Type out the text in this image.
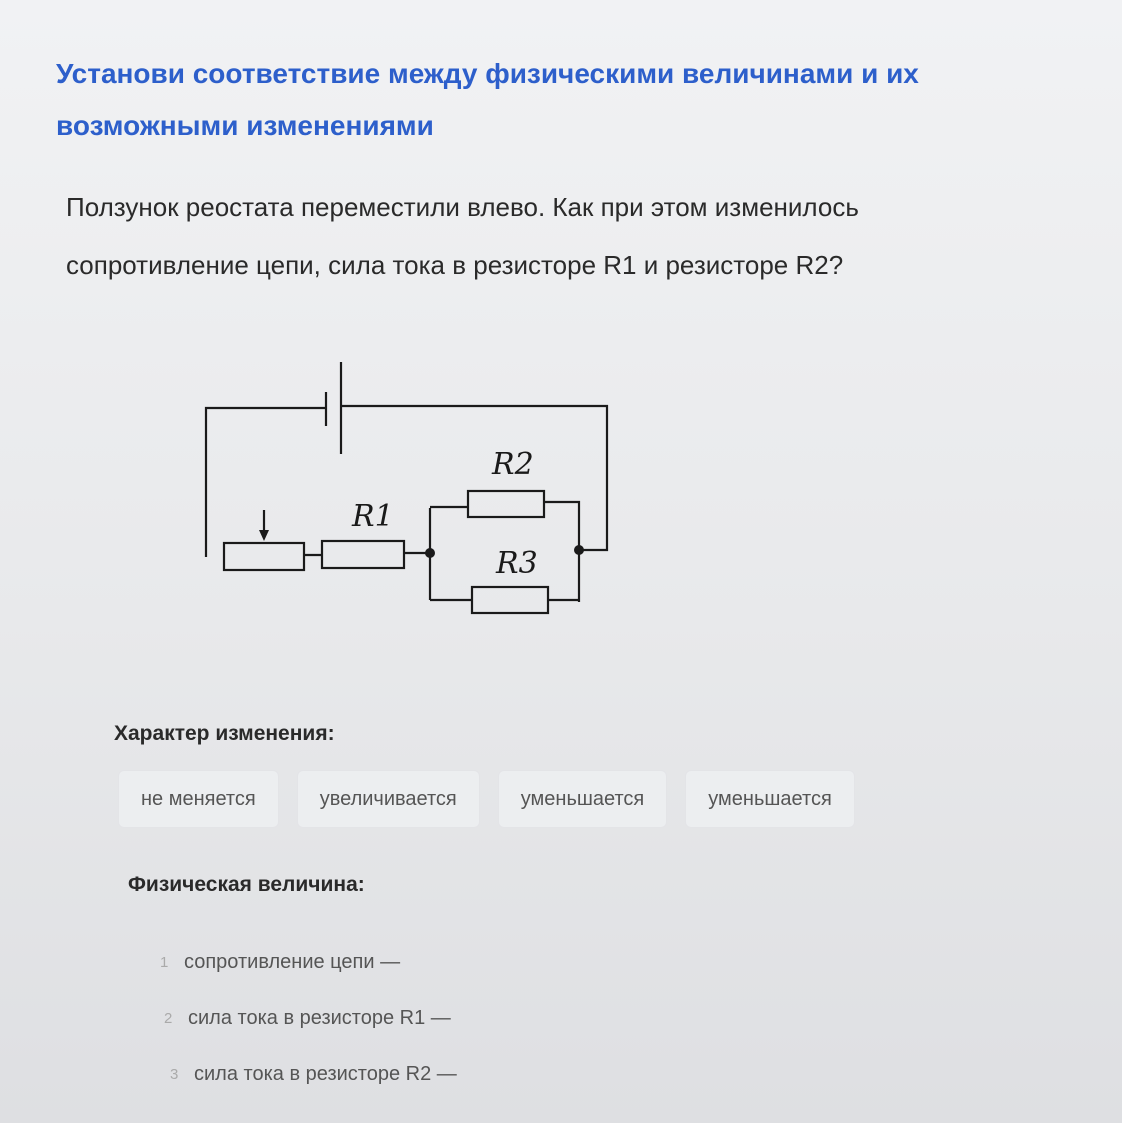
Установи соответствие между физическими величинами и их возможными изменениями

Ползунок реостата переместили влево. Как при этом изменилось сопротивление цепи, сила тока в резисторе R1 и резисторе R2?

R1
R2
R3
Характер изменения:
не меняется	увеличивается	уменьшается	уменьшается
Физическая величина:
1 сопротивление цепи —
2 сила тока в резисторе R1 —
3 сила тока в резисторе R2 —
